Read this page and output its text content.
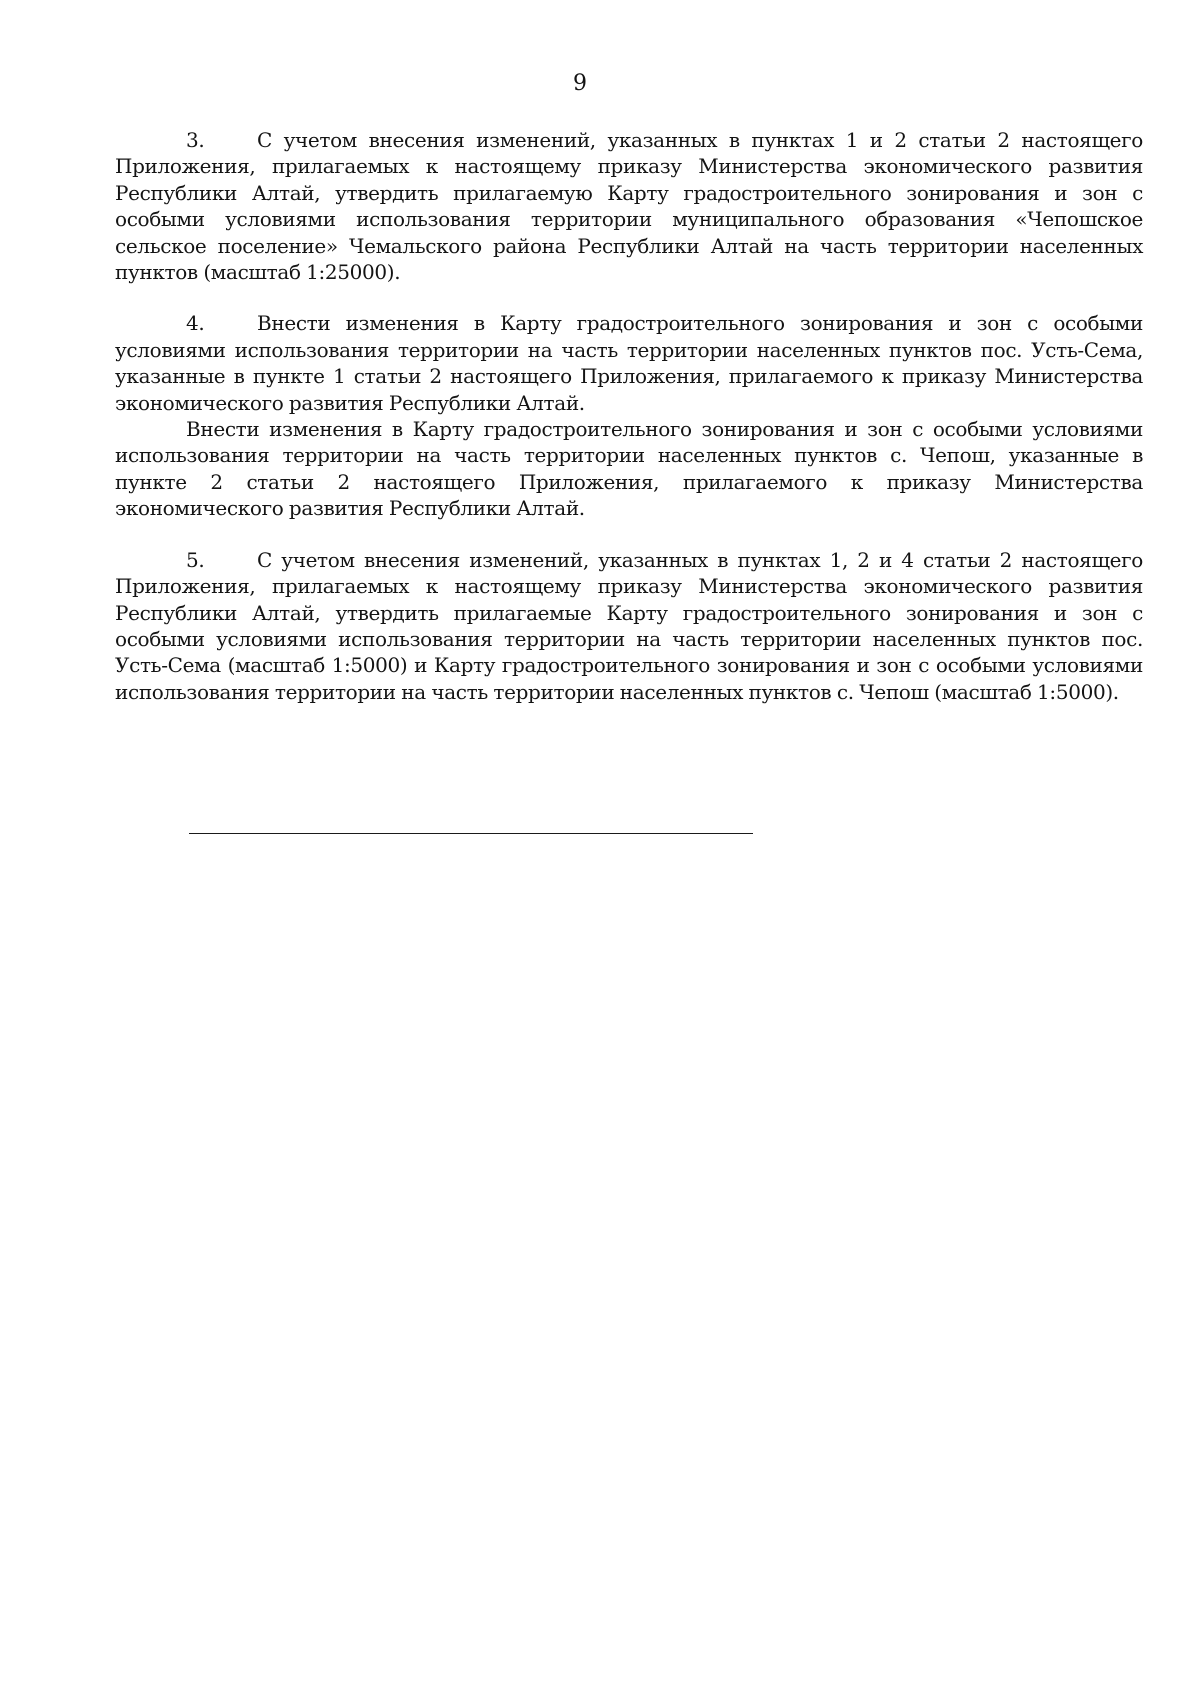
9

3.	С учетом внесения изменений, указанных в пунктах 1 и 2 статьи 2 настоящего Приложения, прилагаемых к настоящему приказу Министерства экономического развития Республики Алтай, утвердить прилагаемую Карту градостроительного зонирования и зон с особыми условиями использования территории муниципального образования «Чепошское сельское поселение» Чемальского района Республики Алтай на часть территории населенных пунктов (масштаб 1:25000).

4.	Внести изменения в Карту градостроительного зонирования и зон с особыми условиями использования территории на часть территории населенных пунктов пос. Усть-Сема, указанные в пункте 1 статьи 2 настоящего Приложения, прилагаемого к приказу Министерства экономического развития Республики Алтай.

Внести изменения в Карту градостроительного зонирования и зон с особыми условиями использования территории на часть территории населенных пунктов с. Чепош, указанные в пункте 2 статьи 2 настоящего Приложения, прилагаемого к приказу Министерства экономического развития Республики Алтай.

5.	С учетом внесения изменений, указанных в пунктах 1, 2 и 4 статьи 2 настоящего Приложения, прилагаемых к настоящему приказу Министерства экономического развития Республики Алтай, утвердить прилагаемые Карту градостроительного зонирования и зон с особыми условиями использования территории на часть территории населенных пунктов пос. Усть-Сема (масштаб 1:5000) и Карту градостроительного зонирования и зон с особыми условиями использования территории на часть территории населенных пунктов с. Чепош (масштаб 1:5000).
